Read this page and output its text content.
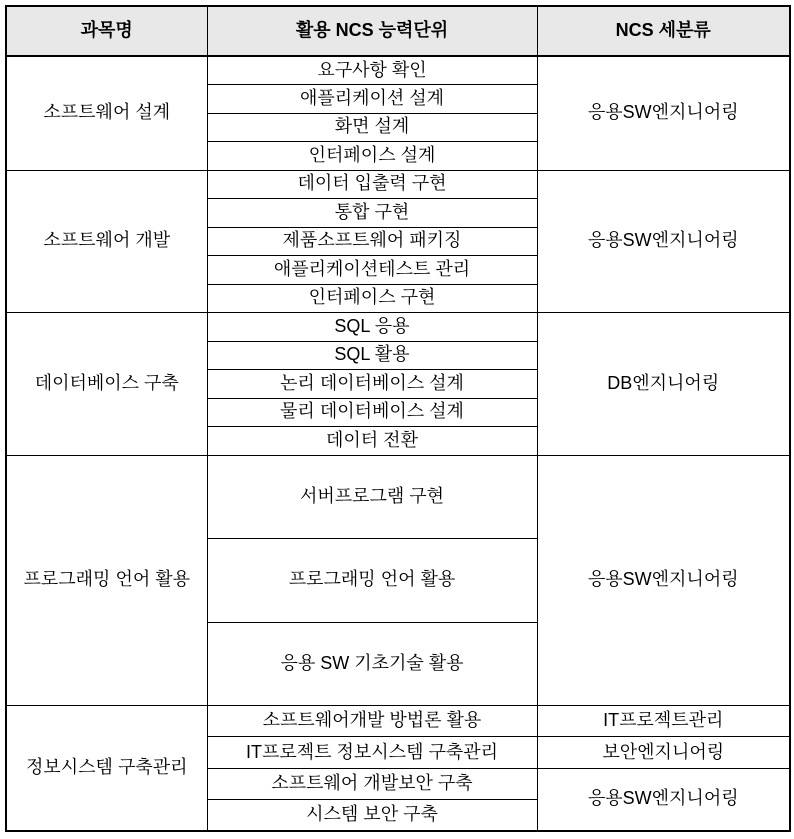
과목명	활용 NCS 능력단위	NCS 세분류
소프트웨어 설계	요구사항 확인	응용SW엔지니어링
	애플리케이션 설계	
	화면 설계	
	인터페이스 설계	
소프트웨어 개발	데이터 입출력 구현	응용SW엔지니어링
	통합 구현	
	제품소프트웨어 패키징	
	애플리케이션테스트 관리	
	인터페이스 구현	
데이터베이스 구축	SQL 응용	DB엔지니어링
	SQL 활용	
	논리 데이터베이스 설계	
	물리 데이터베이스 설계	
	데이터 전환	
프로그래밍 언어 활용	서버프로그램 구현	응용SW엔지니어링
	프로그래밍 언어 활용	
	응용 SW 기초기술 활용	
정보시스템 구축관리	소프트웨어개발 방법론 활용	IT프로젝트관리
	IT프로젝트 정보시스템 구축관리	보안엔지니어링
	소프트웨어 개발보안 구축	응용SW엔지니어링
	시스템 보안 구축	
